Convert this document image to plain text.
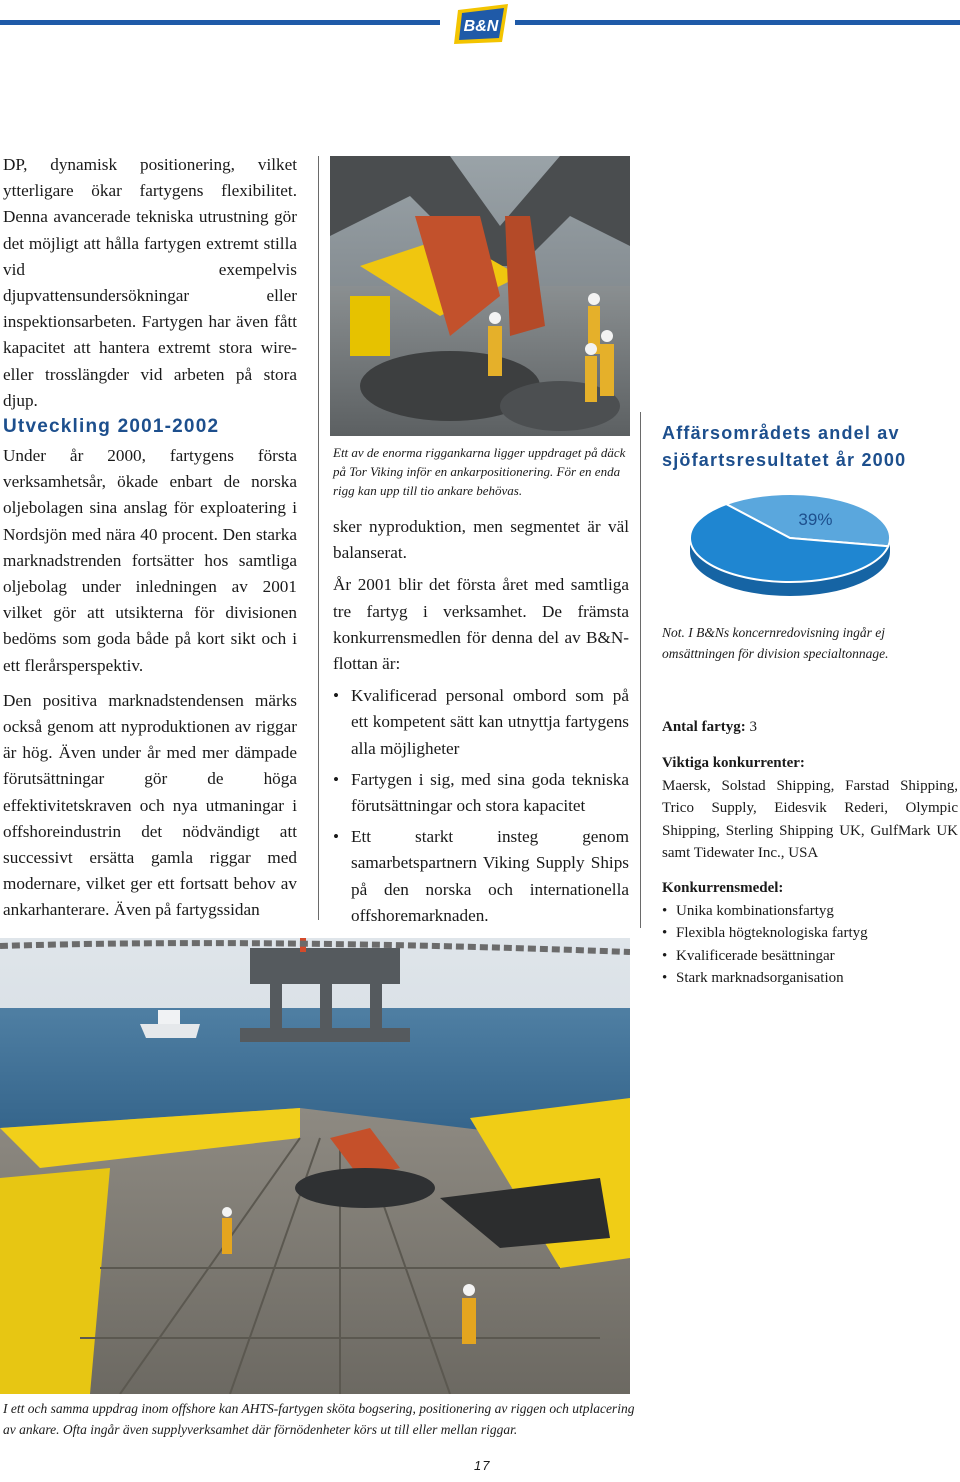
B&N

DP, dynamisk positionering, vilket ytterligare ökar fartygens flexibilitet. Denna avancerade tekniska utrustning gör det möjligt att hålla fartygen extremt stilla vid exempelvis djupvattensundersökningar eller inspektionsarbeten. Fartygen har även fått kapacitet att hantera extremt stora wire- eller trosslängder vid arbeten på stora djup.

Utveckling 2001-2002

Under år 2000, fartygens första verksamhetsår, ökade enbart de norska oljebolagen sina anslag för exploatering i Nordsjön med nära 40 procent. Den starka marknadstrenden fortsätter hos samtliga oljebolag under inledningen av 2001 vilket gör att utsikterna för divisionen bedöms som goda både på kort sikt och i ett flerårsperspektiv.

Den positiva marknadstendensen märks också genom att nyproduktionen av riggar är hög. Även under år med mer dämpade förutsättningar gör de höga effektivitetskraven och nya utmaningar i offshoreindustrin det nödvändigt att successivt ersätta gamla riggar med modernare, vilket ger ett fortsatt behov av ankarhanterare. Även på fartygssidan

Ett av de enorma riggankarna ligger uppdraget på däck på Tor Viking inför en ankarpositionering. För en enda rigg kan upp till tio ankare behövas.

sker nyproduktion, men segmentet är väl balanserat.

År 2001 blir det första året med samtliga tre fartyg i verksamhet. De främsta konkurrensmedlen för denna del av B&N-flottan är:

• Kvalificerad personal ombord som på ett kompetent sätt kan utnyttja fartygens alla möjligheter
• Fartygen i sig, med sina goda tekniska förutsättningar och stora kapacitet
• Ett starkt insteg genom samarbetspartnern Viking Supply Ships på den norska och internationella offshoremarknaden.
Affärsområdets andel av sjöfartsresultatet år 2000
39%
Not. I B&Ns koncernredovisning ingår ej omsättningen för division specialtonnage.
Antal fartyg: 3
Viktiga konkurrenter:
Maersk, Solstad Shipping, Farstad Shipping, Trico Supply, Eidesvik Rederi, Olympic Shipping, Sterling Shipping UK, GulfMark UK samt Tidewater Inc., USA
Konkurrensmedel:
• Unika kombinationsfartyg
• Flexibla högteknologiska fartyg
• Kvalificerade besättningar
• Stark marknadsorganisation
I ett och samma uppdrag inom offshore kan AHTS-fartygen sköta bogsering, positionering av riggen och utplacering av ankare. Ofta ingår även supplyverksamhet där förnödenheter körs ut till eller mellan riggar.
17
